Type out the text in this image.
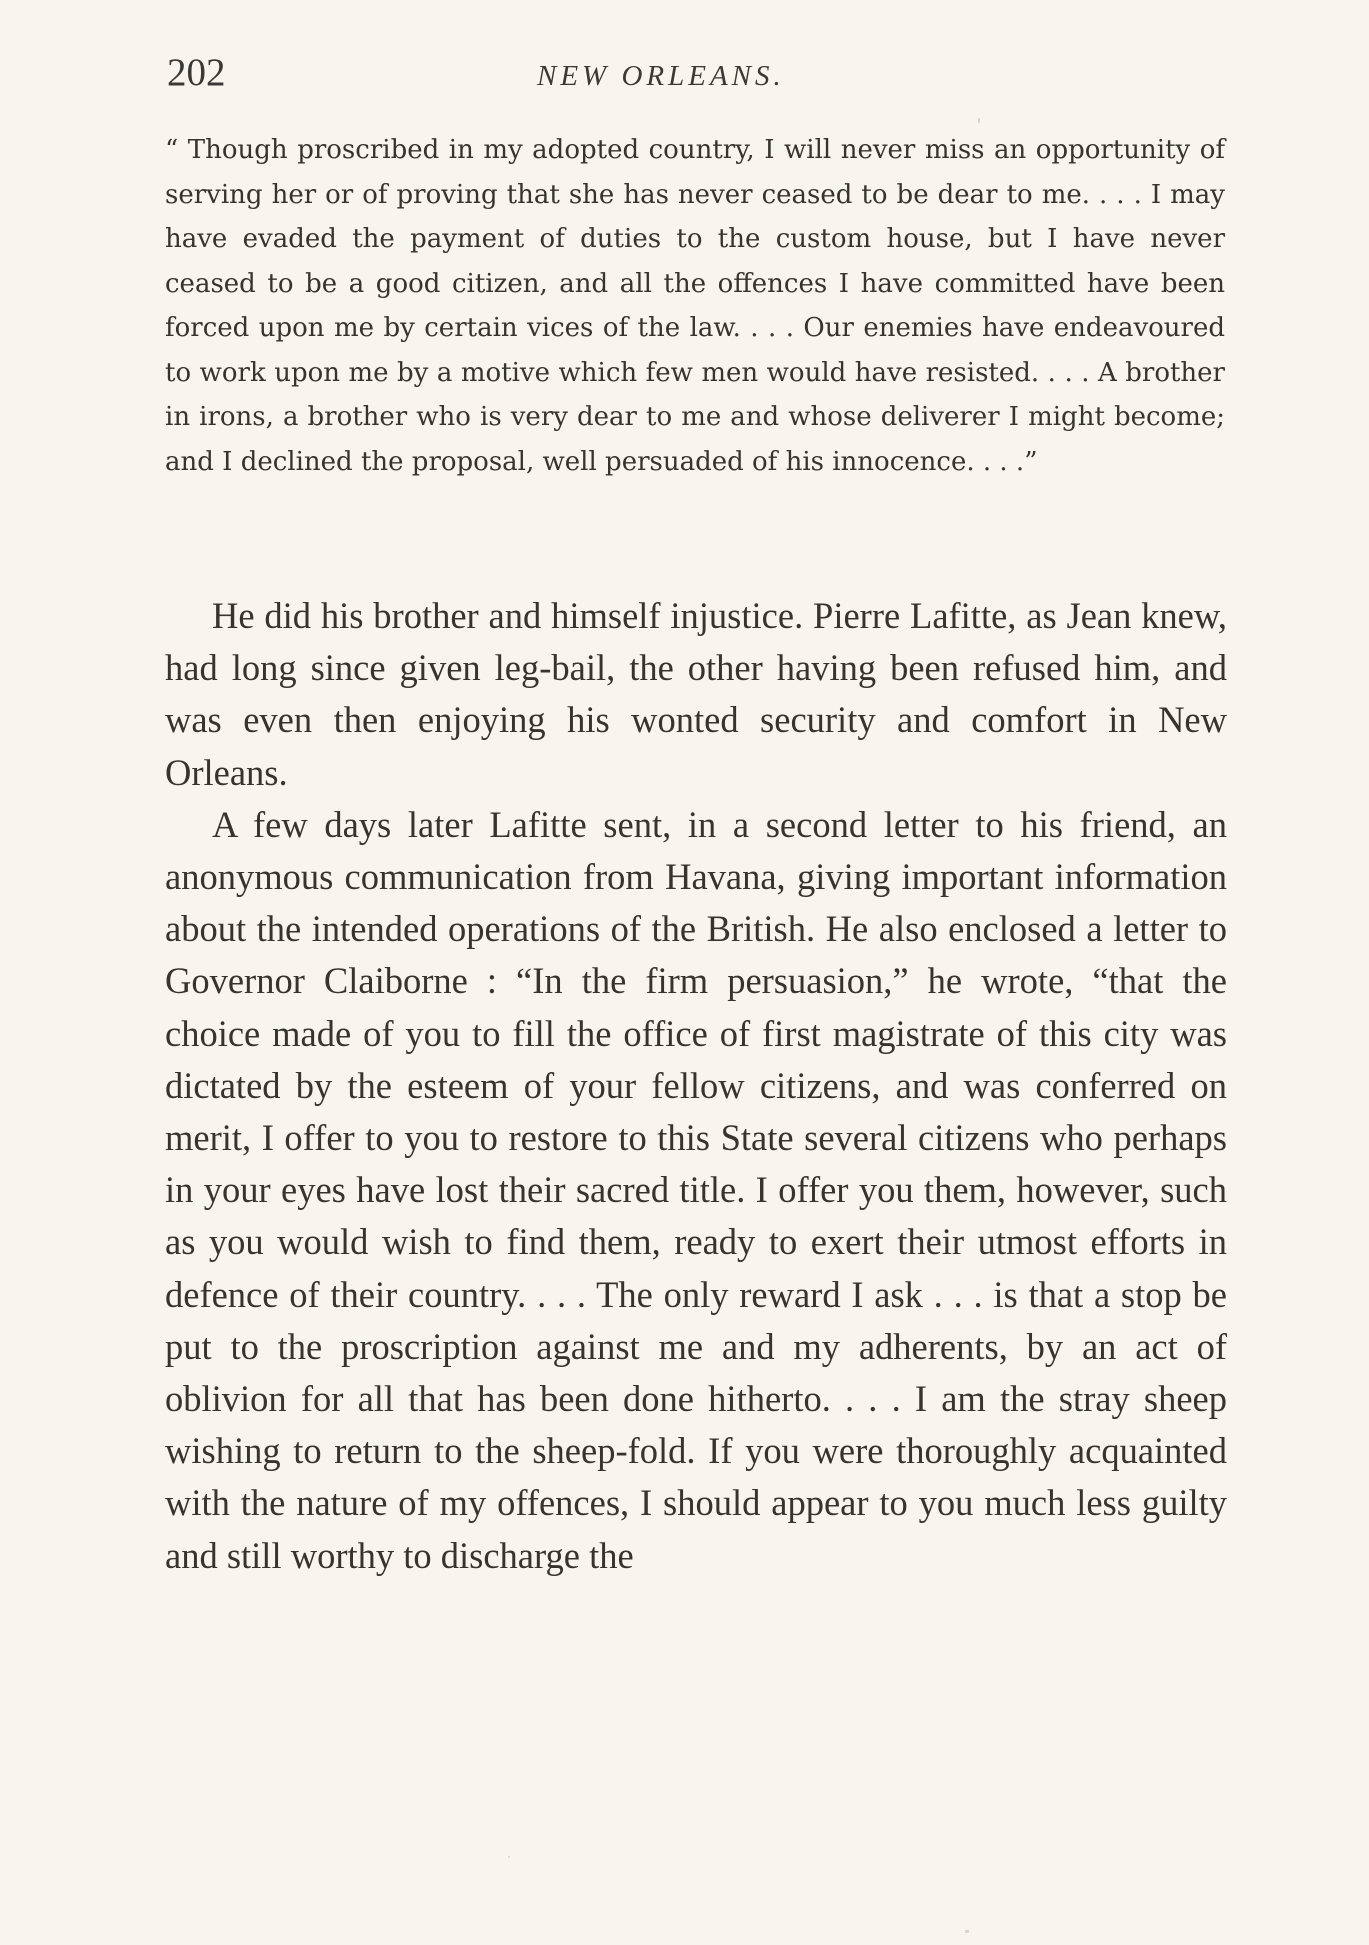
202	NEW ORLEANS.

“ Though proscribed in my adopted country, I will never miss an opportunity of serving her or of proving that she has never ceased to be dear to me. . . . I may have evaded the payment of duties to the custom house, but I have never ceased to be a good citizen, and all the offences I have committed have been forced upon me by certain vices of the law. . . . Our enemies have endeavoured to work upon me by a motive which few men would have resisted. . . . A brother in irons, a brother who is very dear to me and whose deliverer I might become; and I declined the proposal, well persuaded of his innocence. . . .”

He did his brother and himself injustice. Pierre Lafitte, as Jean knew, had long since given leg-bail, the other having been refused him, and was even then enjoying his wonted security and comfort in New Orleans.

A few days later Lafitte sent, in a second letter to his friend, an anonymous communication from Havana, giving important information about the intended operations of the British. He also enclosed a letter to Governor Claiborne : “In the firm persuasion,” he wrote, “that the choice made of you to fill the office of first magistrate of this city was dictated by the esteem of your fellow citizens, and was conferred on merit, I offer to you to restore to this State several citizens who perhaps in your eyes have lost their sacred title. I offer you them, however, such as you would wish to find them, ready to exert their utmost efforts in defence of their country. . . . The only reward I ask . . . is that a stop be put to the proscription against me and my adherents, by an act of oblivion for all that has been done hitherto. . . . I am the stray sheep wishing to return to the sheep-fold. If you were thoroughly acquainted with the nature of my offences, I should appear to you much less guilty and still worthy to discharge the
